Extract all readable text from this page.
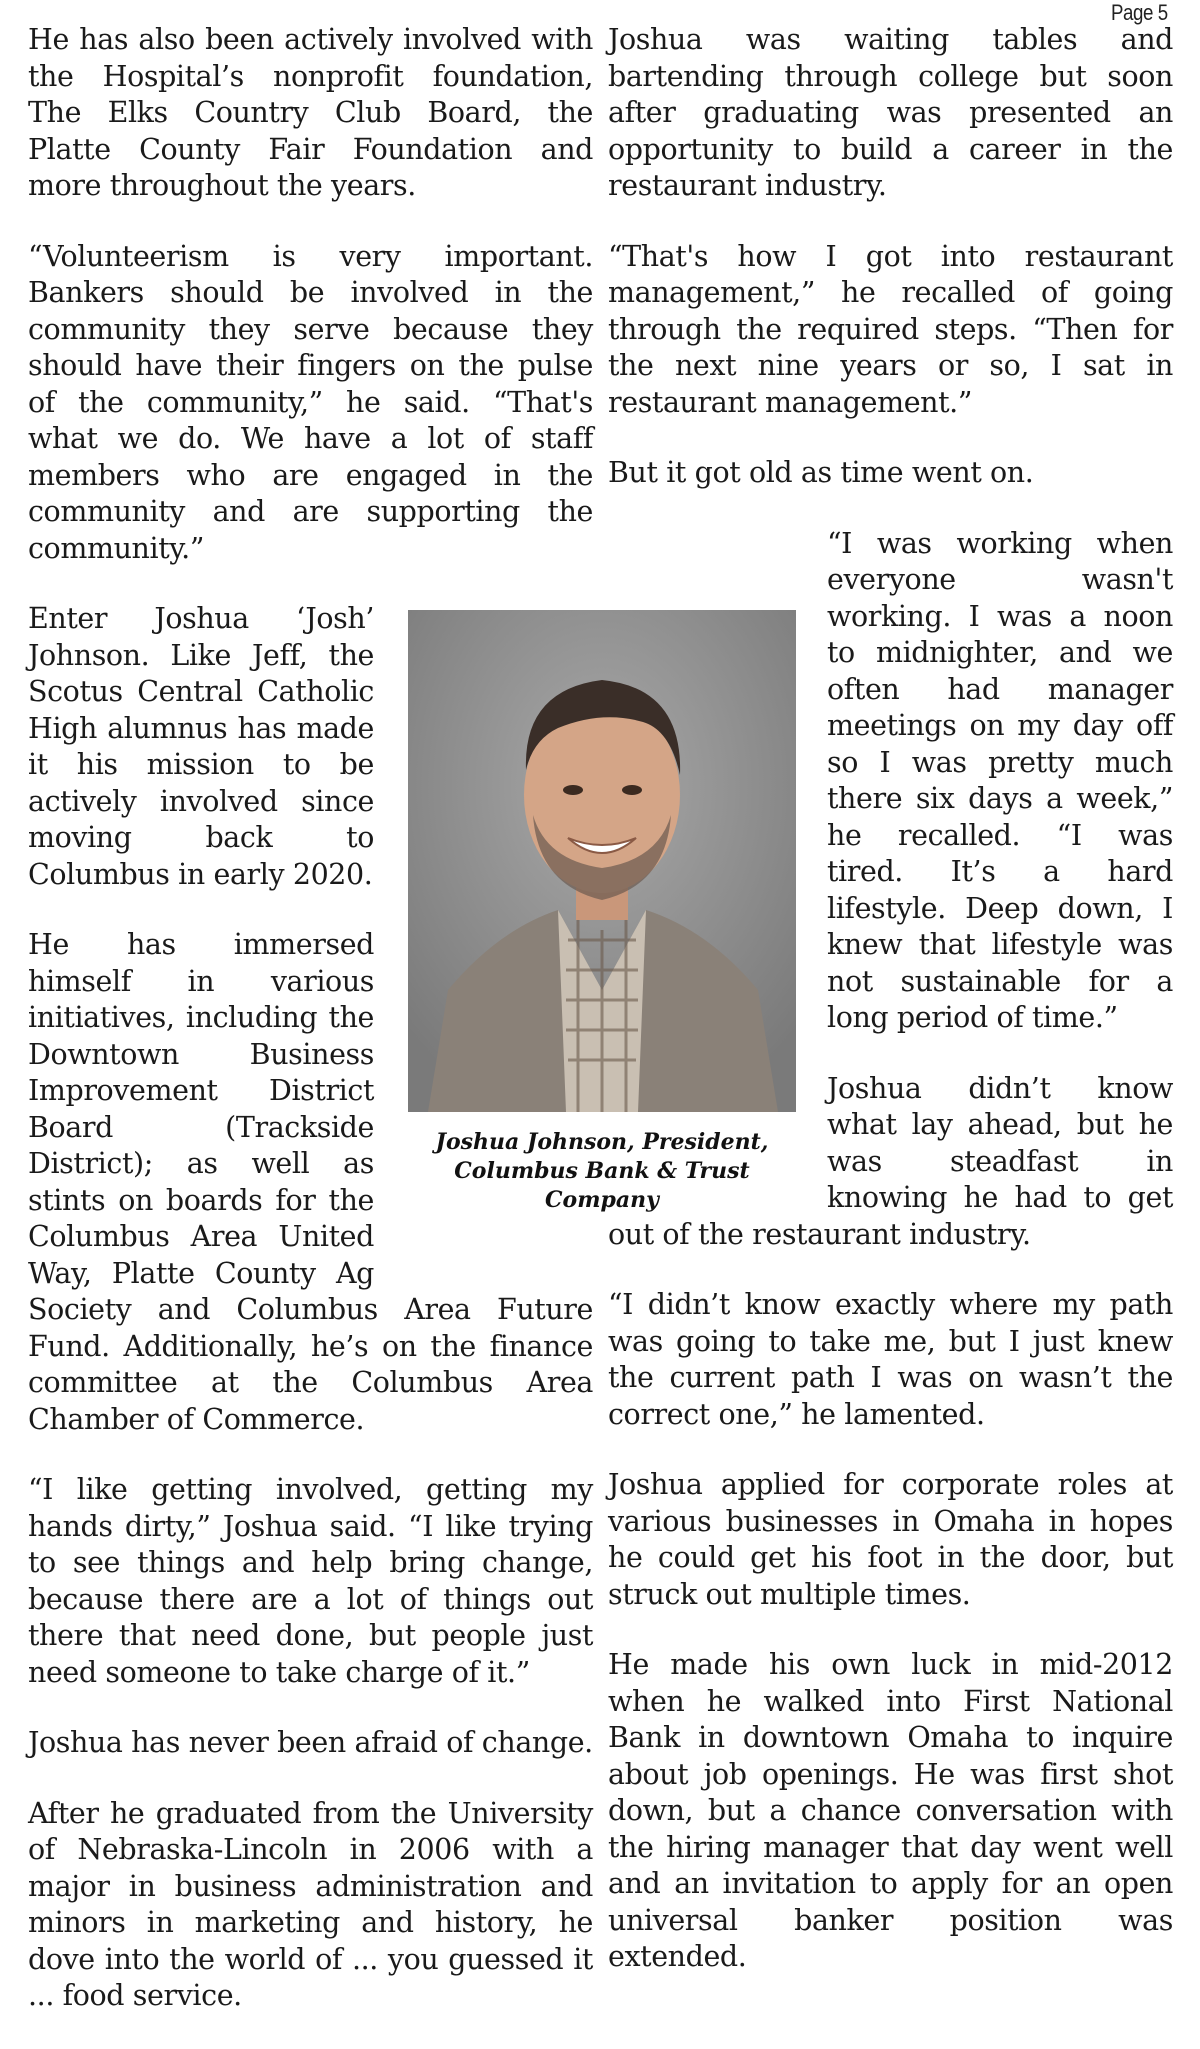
Page 5

He has also been actively involved with the Hospital’s nonprofit foundation, The Elks Country Club Board, the Platte County Fair Foundation and more throughout the years.

“Volunteerism is very important. Bankers should be involved in the community they serve because they should have their fingers on the pulse of the community,” he said. “That's what we do. We have a lot of staff members who are engaged in the community and are supporting the community.”

Enter Joshua ‘Josh’ Johnson. Like Jeff, the Scotus Central Catholic High alumnus has made it his mission to be actively involved since moving back to Columbus in early 2020.

He has immersed himself in various initiatives, including the Downtown Business Improvement District Board (Trackside District); as well as stints on boards for the Columbus Area United Way, Platte County Ag Society and Columbus Area Future Fund. Additionally, he’s on the finance committee at the Columbus Area Chamber of Commerce.

“I like getting involved, getting my hands dirty,” Joshua said. “I like trying to see things and help bring change, because there are a lot of things out there that need done, but people just need someone to take charge of it.”

Joshua has never been afraid of change.

After he graduated from the University of Nebraska-Lincoln in 2006 with a major in business administration and minors in marketing and history, he dove into the world of ... you guessed it ... food service.

Joshua was waiting tables and bartending through college but soon after graduating was presented an opportunity to build a career in the restaurant industry.

“That's how I got into restaurant management,” he recalled of going through the required steps. “Then for the next nine years or so, I sat in restaurant management.”

But it got old as time went on.

“I was working when everyone wasn't working. I was a noon to midnighter, and we often had manager meetings on my day off so I was pretty much there six days a week,” he recalled. “I was tired. It’s a hard lifestyle. Deep down, I knew that lifestyle was not sustainable for a long period of time.”

Joshua didn’t know what lay ahead, but he was steadfast in knowing he had to get out of the restaurant industry.

“I didn’t know exactly where my path was going to take me, but I just knew the current path I was on wasn’t the correct one,” he lamented.

Joshua applied for corporate roles at various businesses in Omaha in hopes he could get his foot in the door, but struck out multiple times.

He made his own luck in mid-2012 when he walked into First National Bank in downtown Omaha to inquire about job openings. He was first shot down, but a chance conversation with the hiring manager that day went well and an invitation to apply for an open universal banker position was extended.

Joshua Johnson, President, Columbus Bank & Trust Company
